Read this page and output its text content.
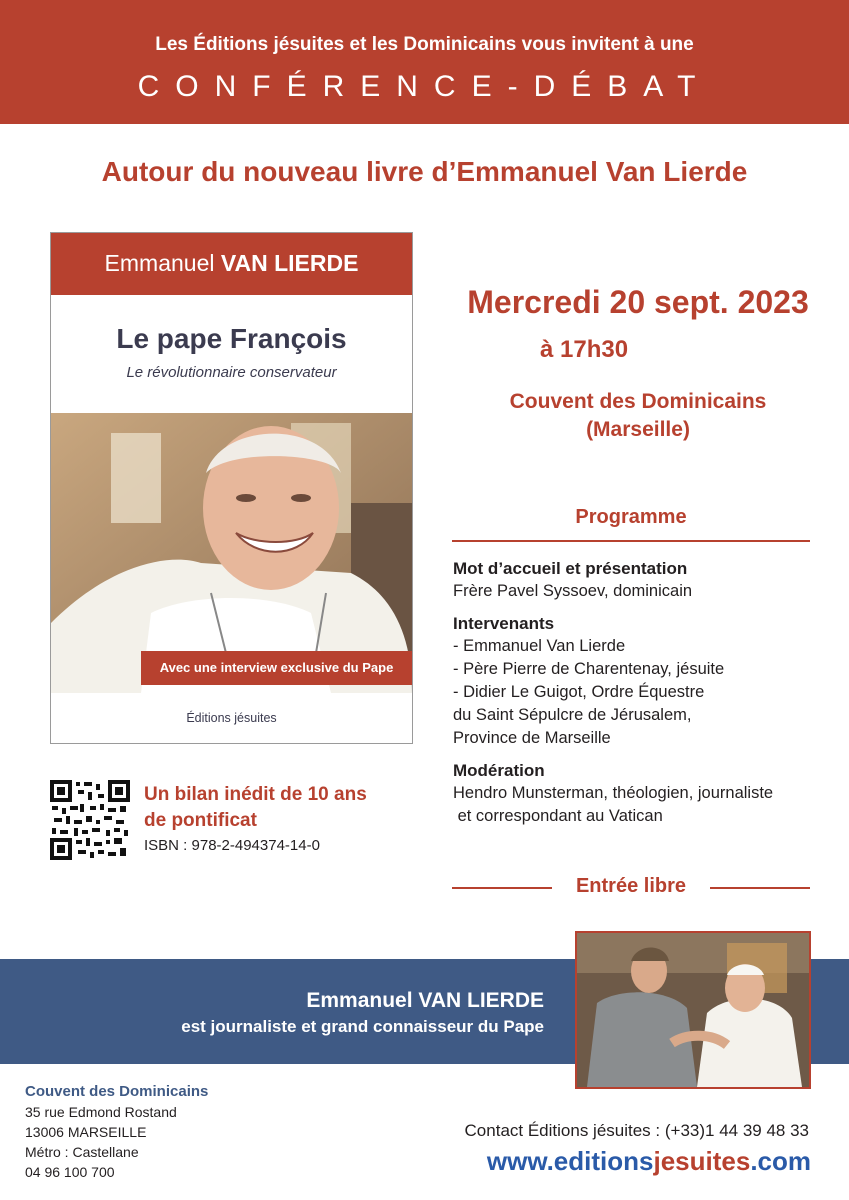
Les Éditions jésuites et les Dominicains vous invitent à une
CONFÉRENCE-DÉBAT
Autour du nouveau livre d’Emmanuel Van Lierde
Emmanuel VAN LIERDE
Le pape François
Le révolutionnaire conservateur
Avec une interview exclusive du Pape
Éditions jésuites
Un bilan inédit de 10 ans
de pontificat
ISBN : 978-2-494374-14-0
Mercredi 20 sept. 2023
à 17h30
Couvent des Dominicains
(Marseille)
Programme
Mot d’accueil et présentation
Frère Pavel Syssoev, dominicain
Intervenants
- Emmanuel Van Lierde
- Père Pierre de Charentenay, jésuite
- Didier Le Guigot, Ordre Équestre
du Saint Sépulcre de Jérusalem,
Province de Marseille
Modération
Hendro Munsterman, théologien, journaliste
et correspondant au Vatican
Entrée libre
Emmanuel VAN LIERDE
est journaliste et grand connaisseur du Pape
Couvent des Dominicains
35 rue Edmond Rostand
13006 MARSEILLE
Métro : Castellane
04 96 100 700
Contact Éditions jésuites : (+33)1 44 39 48 33
www.editionsjesuites.com
